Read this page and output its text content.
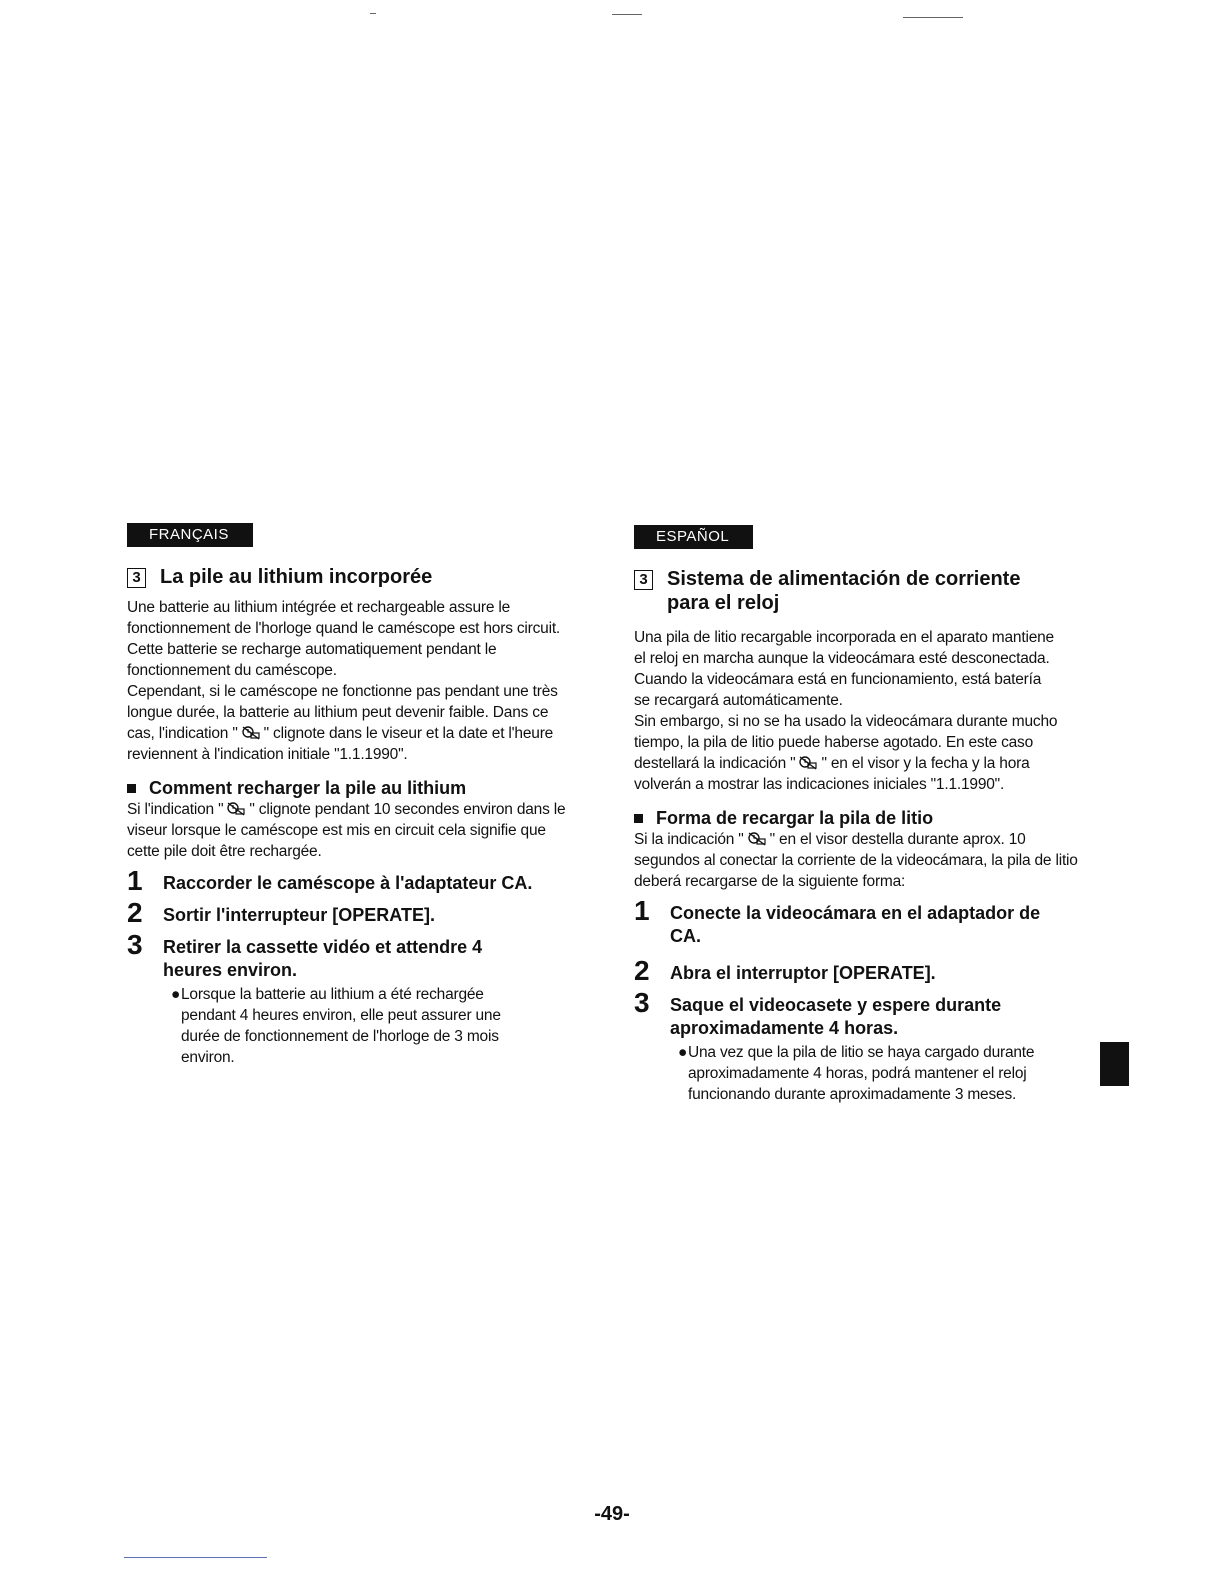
FRANÇAIS
3 La pile au lithium incorporée

Une batterie au lithium intégrée et rechargeable assure le fonctionnement de l'horloge quand le caméscope est hors circuit. Cette batterie se recharge automatiquement pendant le fonctionnement du caméscope.

Cependant, si le caméscope ne fonctionne pas pendant une très longue durée, la batterie au lithium peut devenir faible. Dans ce cas, l'indication " " clignote dans le viseur et la date et l'heure reviennent à l'indication initiale "1.1.1990".

Comment recharger la pile au lithium
Si l'indication " " clignote pendant 10 secondes environ dans le viseur lorsque le caméscope est mis en circuit cela signifie que cette pile doit être rechargée.
1	Raccorder le caméscope à l'adaptateur CA.
2	Sortir l'interrupteur [OPERATE].
3	Retirer la cassette vidéo et attendre 4 heures environ.
● Lorsque la batterie au lithium a été rechargée pendant 4 heures environ, elle peut assurer une durée de fonctionnement de l'horloge de 3 mois environ.
ESPAÑOL
3 Sistema de alimentación de corriente para el reloj

Una pila de litio recargable incorporada en el aparato mantiene el reloj en marcha aunque la videocámara esté desconectada. Cuando la videocámara está en funcionamiento, está batería se recargará automáticamente.

Sin embargo, si no se ha usado la videocámara durante mucho tiempo, la pila de litio puede haberse agotado. En este caso destellará la indicación " " en el visor y la fecha y la hora volverán a mostrar las indicaciones iniciales "1.1.1990".

Forma de recargar la pila de litio
Si la indicación " " en el visor destella durante aprox. 10 segundos al conectar la corriente de la videocámara, la pila de litio deberá recargarse de la siguiente forma:
1	Conecte la videocámara en el adaptador de CA.
2	Abra el interruptor [OPERATE].
3	Saque el videocasete y espere durante aproximadamente 4 horas.
● Una vez que la pila de litio se haya cargado durante aproximadamente 4 horas, podrá mantener el reloj funcionando durante aproximadamente 3 meses.
-49-
